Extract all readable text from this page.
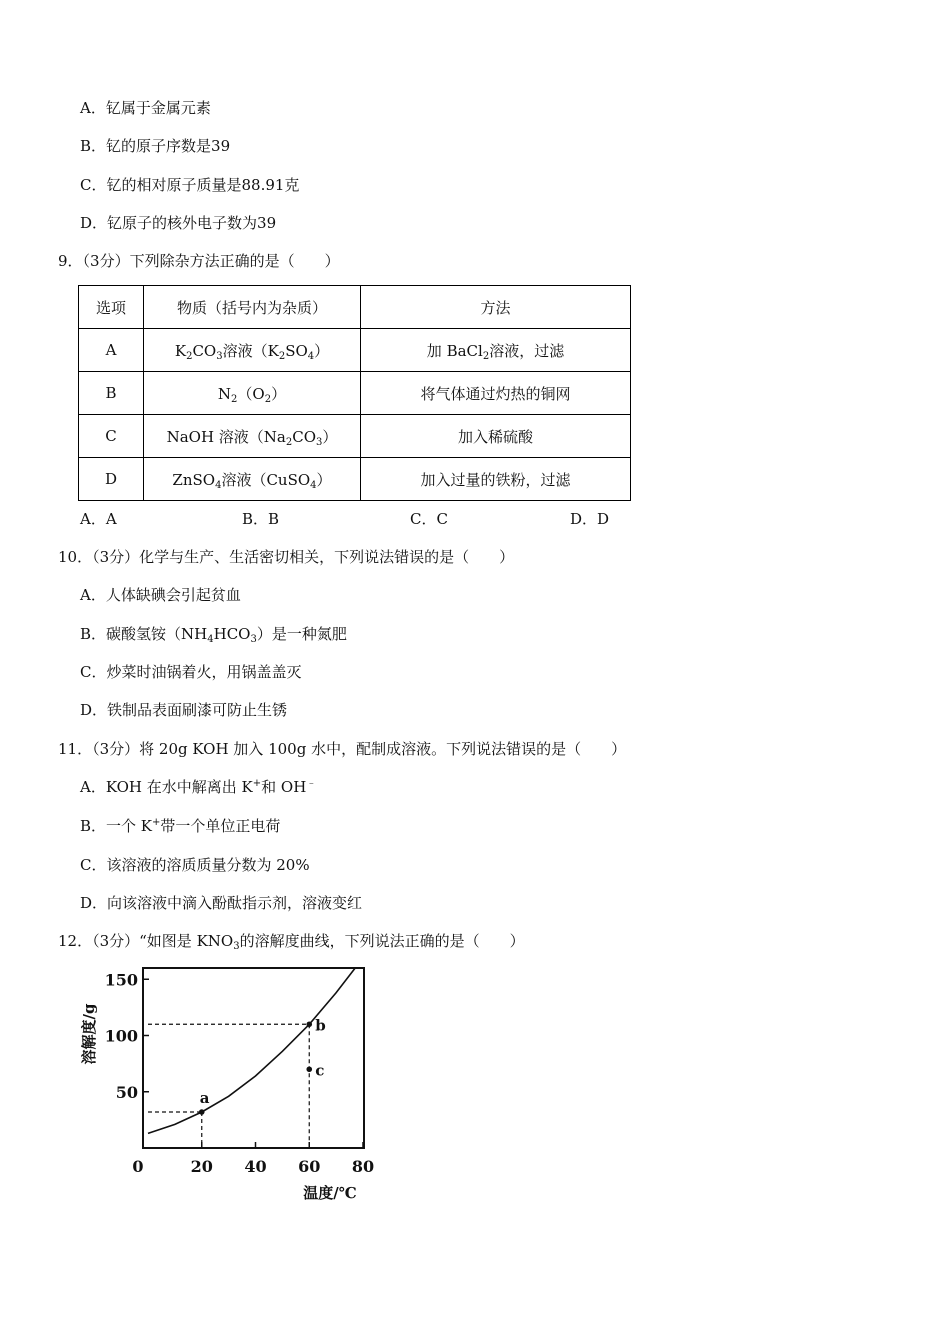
A．钇属于金属元素
B．钇的原子序数是39
C．钇的相对原子质量是88.91克
D．钇原子的核外电子数为39
9．（3分）下列除杂方法正确的是（　　）
选项	物质（括号内为杂质）	方法
A	$K_2CO_3$溶液$(K_2SO_4)$	加 BaCl$_2$溶液，过滤
B	$N_2(O_2)$	将气体通过灼热的铜网
C	NaOH 溶液$(Na_2CO_3)$	加入稀硫酸
D	ZnSO$_4$溶液（CuSO$_4$）	加入过量的铁粉，过滤
A．A	B．B	C．C	D．D
10．（3分）化学与生产、生活密切相关，下列说法错误的是（　　）
A．人体缺碘会引起贫血
B．碳酸氢铵$(NH_4HCO_3)$是一种氮肥
C．炒菜时油锅着火，用锅盖盖灭
D．铁制品表面刷漆可防止生锈
11．（3分）将 20g KOH 加入 100g 水中，配制成溶液。下列说法错误的是（　　）
A．KOH 在水中解离出 K+和 OH﹣
B．一个 K+带一个单位正电荷
C．该溶液的溶质质量分数为 20%
D．向该溶液中滴入酚酞指示剂，溶液变红
12．（3分）“如图是 $KNO_3$的溶解度曲线，下列说法正确的是（　　）
50
100
150
0	20 40 60 80
a
b
c
溶解度/g
温度/℃
